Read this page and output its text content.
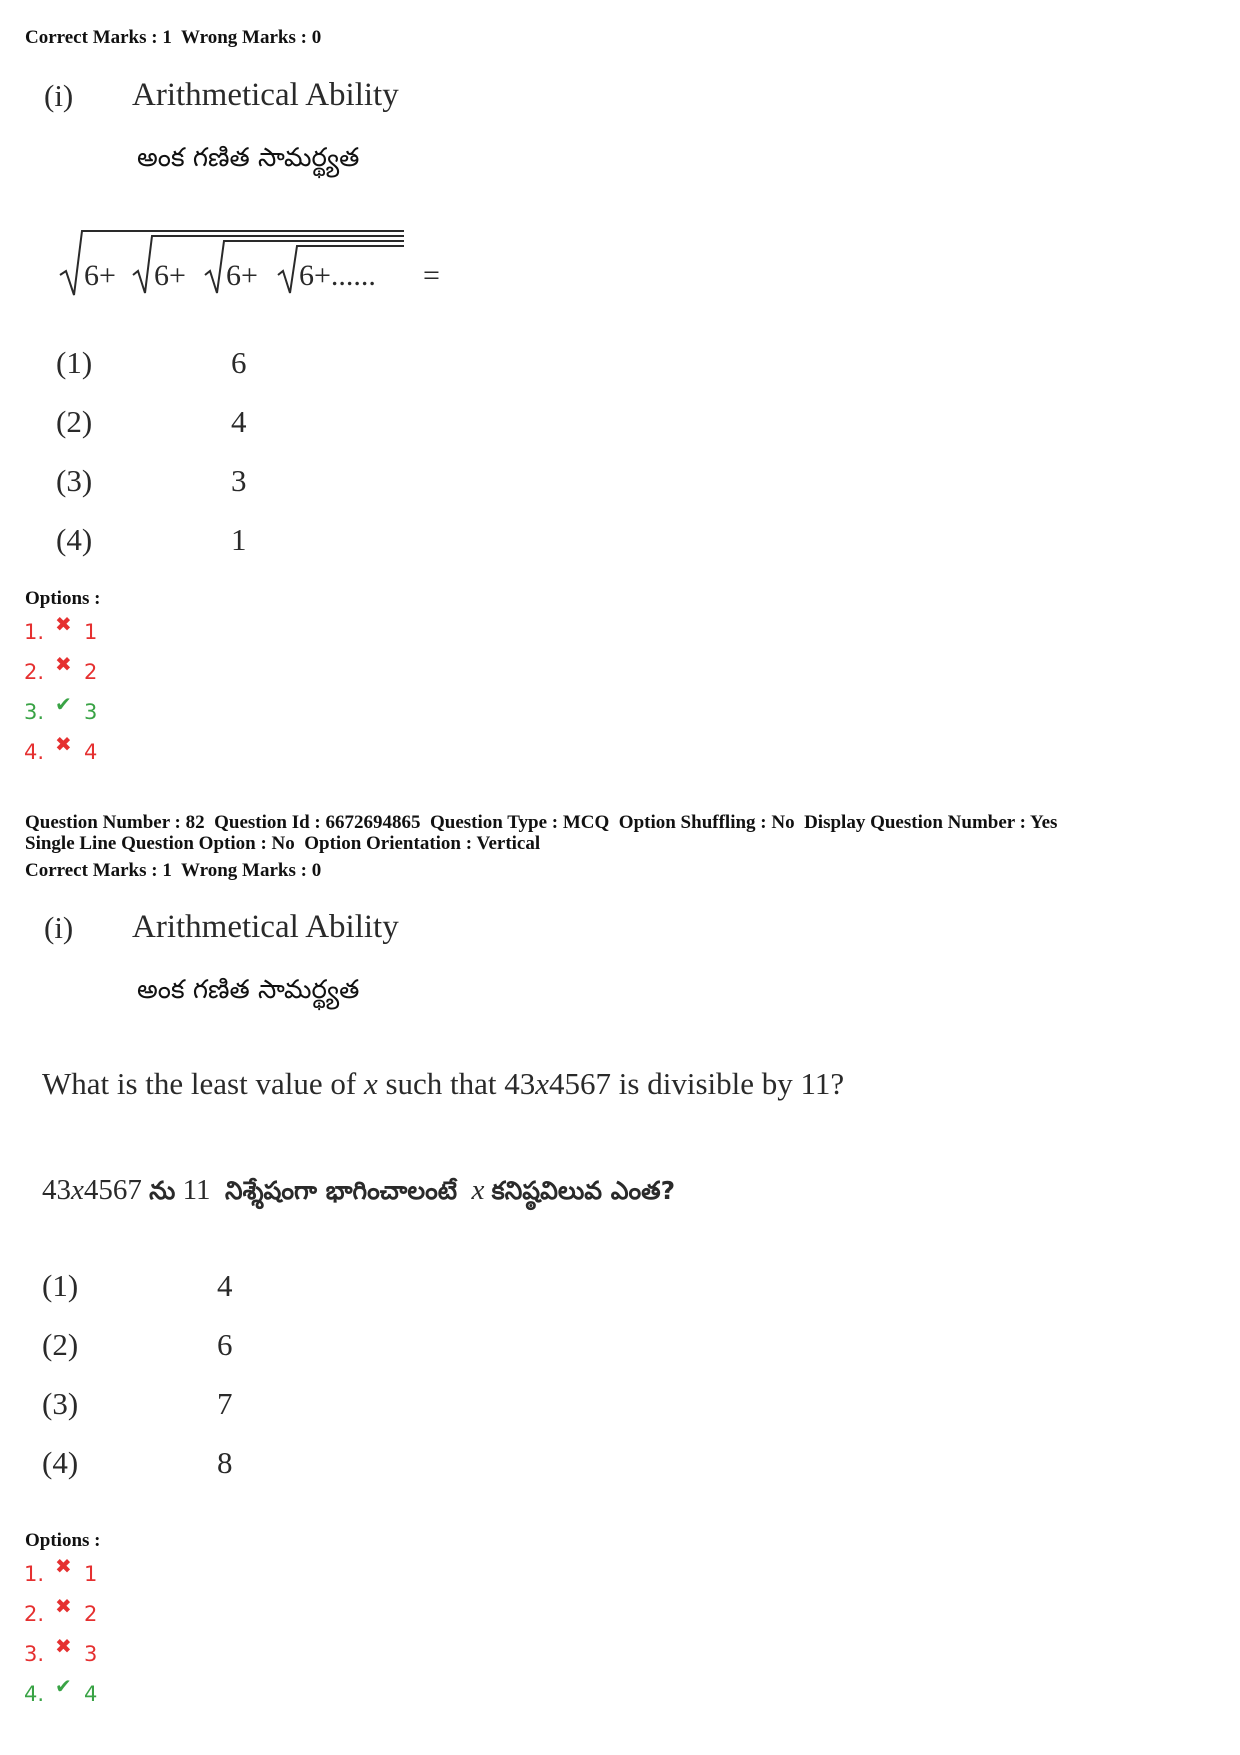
Correct Marks : 1  Wrong Marks : 0
(i) Arithmetical Ability
అంక గణిత సామర్థ్యత
6+ 6+ 6+ 6+...... =
(1)	6
(2)	4
(3)	3
(4)	1
Options :
1. ✖ 1
2. ✖ 2
3. ✔ 3
4. ✖ 4
Question Number : 82  Question Id : 6672694865  Question Type : MCQ  Option Shuffling : No  Display Question Number : Yes
Single Line Question Option : No  Option Orientation : Vertical
Correct Marks : 1  Wrong Marks : 0
(i) Arithmetical Ability
అంక గణిత సామర్థ్యత
What is the least value of x such that 43x4567 is divisible by 11?
43x4567 ను 11  నిశ్శేషంగా భాగించాలంటే  x కనిష్ఠవిలువ ఎంత?
(1)	4
(2)	6
(3)	7
(4)	8
Options :
1. ✖ 1
2. ✖ 2
3. ✖ 3
4. ✔ 4
